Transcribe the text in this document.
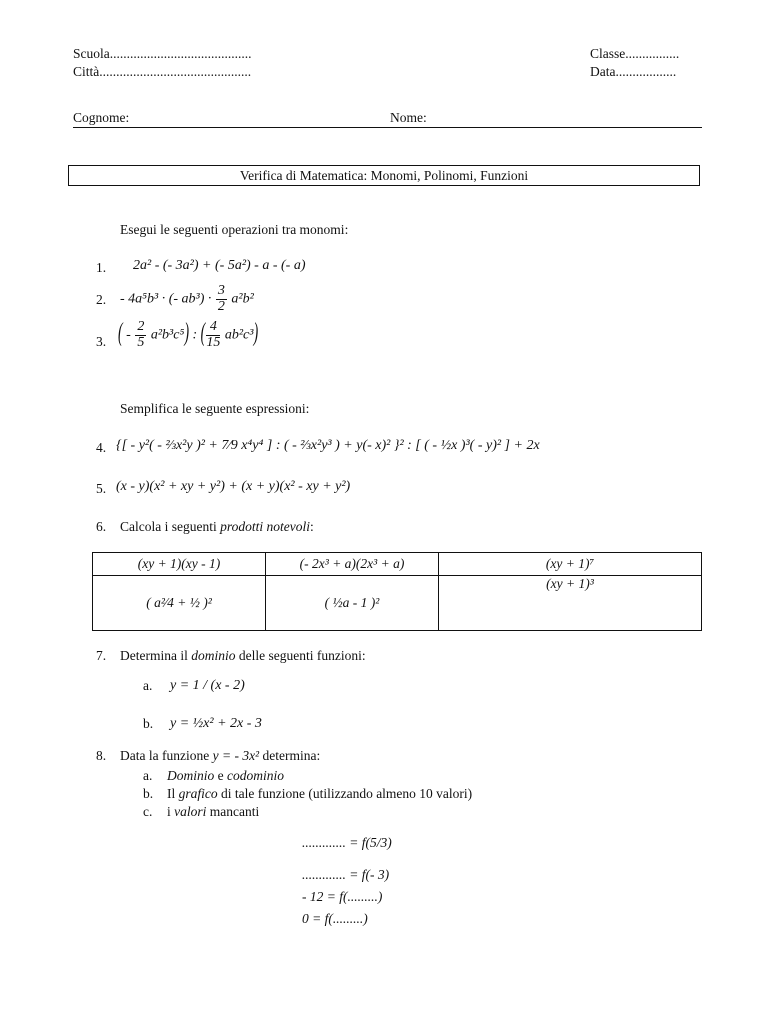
Scuola..........................................
Città.............................................
Classe................
Data..................
Cognome:	Nome:
Verifica di Matematica: Monomi, Polinomi, Funzioni
Esegui le seguenti operazioni tra monomi:
1. 2a² - (- 3a²) + (- 5a²) - a - (- a)
2. - 4a⁵b³ · (- $ab^3) \cdot \frac{3}{2} a^2b^2$
3. ( - $\frac{2}{5} a^2b^3c^5$) : ( $\frac{4}{15} ab^2c^3$)
Semplifica le seguente espressioni:
4. {[ - y²( - ⅔x²y )² + 7⁄9 x⁴y⁴ ] : ( - ⅔x²y³ ) + y(- x)² }² : [ ( - ½x )³( - y)² ] + 2x
5. (x - y)(x² + xy + y²) + (x + y)(x² - xy + y²)
6. Calcola i seguenti prodotti notevoli:
(xy + 1)(xy - 1)	(- 2x³ + a)(2x³ + a)	(xy + 1)⁷
( a²⁄4 + ½ )²	( ½a - 1 )²	(xy + 1)³
7. Determina il dominio delle seguenti funzioni:
a. y = 1 / (x - 2)
b. y = ½x² + 2x - 3
8. Data la funzione y = - 3x² determina:
a. Dominio e codominio
b. Il grafico di tale funzione (utilizzando almeno 10 valori)
c. i valori mancanti
............. = f(5/3)
............. = f(- 3)
- 12 = f(.........)
0 = f(.........)
